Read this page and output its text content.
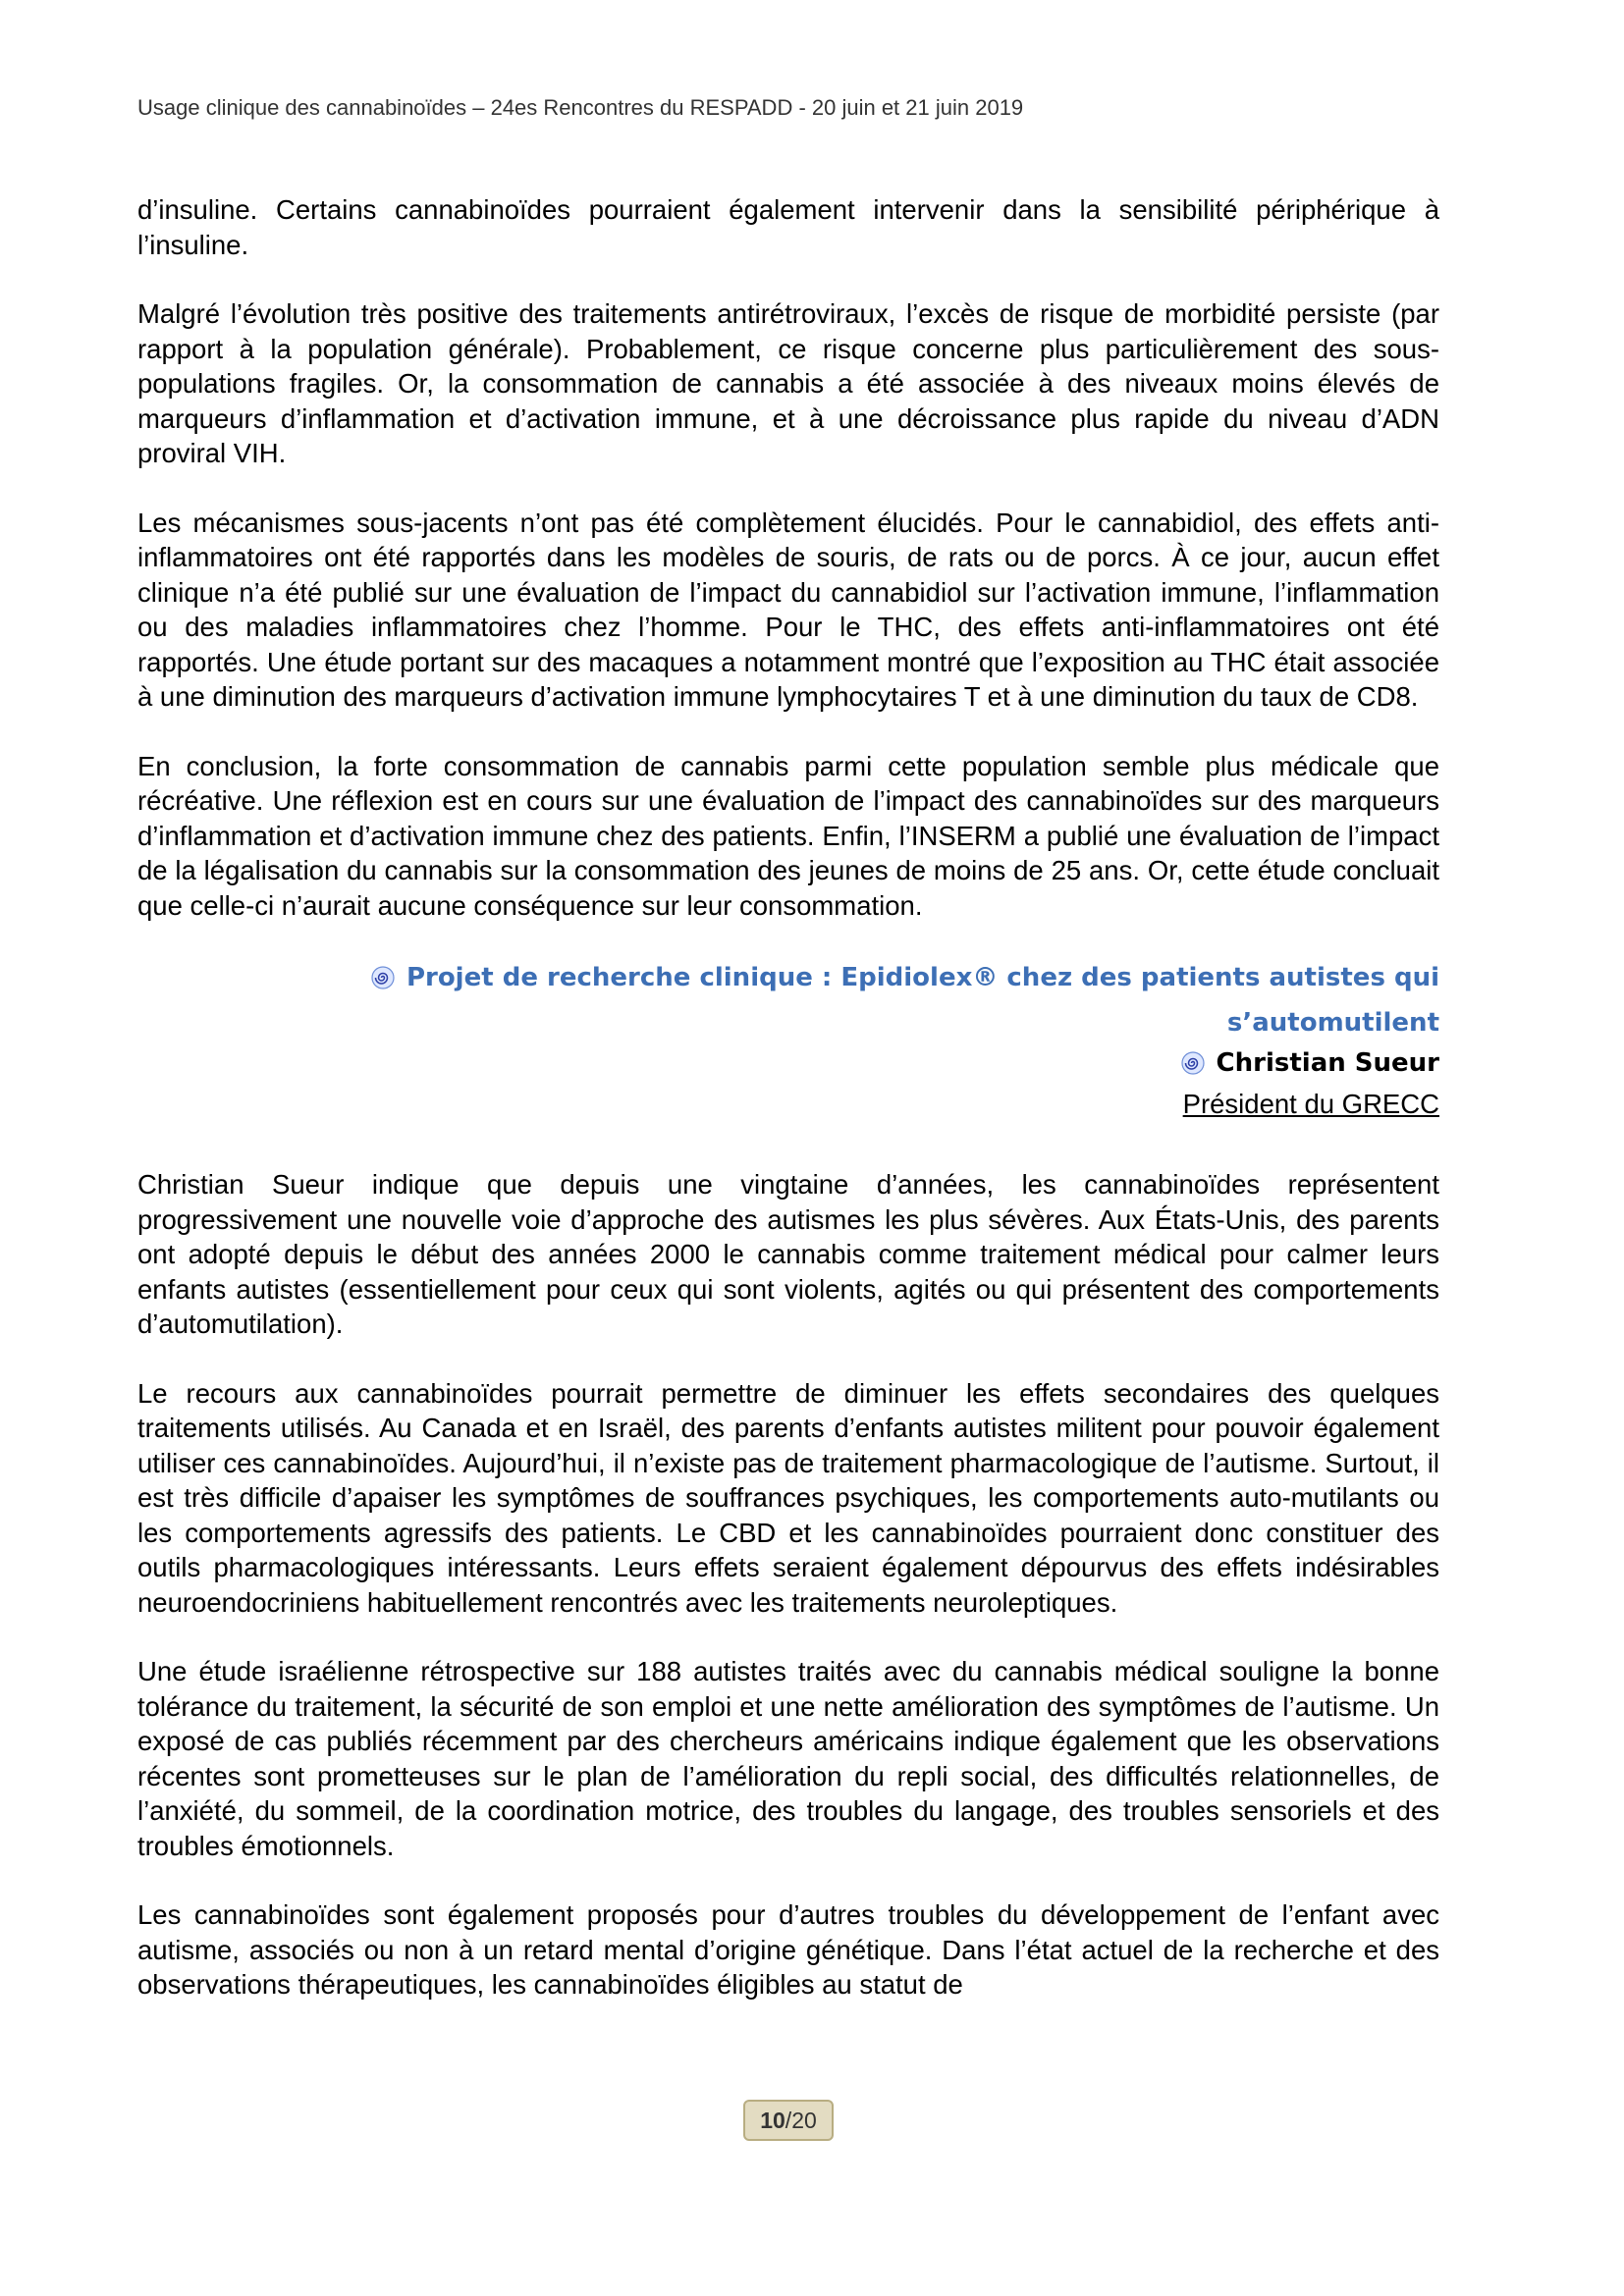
Usage clinique des cannabinoïdes – 24es Rencontres du RESPADD - 20 juin et 21 juin 2019

d’insuline. Certains cannabinoïdes pourraient également intervenir dans la sensibilité périphérique à l’insuline.

Malgré l’évolution très positive des traitements antirétroviraux, l’excès de risque de morbidité persiste (par rapport à la population générale). Probablement, ce risque concerne plus particulièrement des sous-populations fragiles. Or, la consommation de cannabis a été associée à des niveaux moins élevés de marqueurs d’inflammation et d’activation immune, et à une décroissance plus rapide du niveau d’ADN proviral VIH.

Les mécanismes sous-jacents n’ont pas été complètement élucidés. Pour le cannabidiol, des effets anti-inflammatoires ont été rapportés dans les modèles de souris, de rats ou de porcs. À ce jour, aucun effet clinique n’a été publié sur une évaluation de l’impact du cannabidiol sur l’activation immune, l’inflammation ou des maladies inflammatoires chez l’homme. Pour le THC, des effets anti-inflammatoires ont été rapportés. Une étude portant sur des macaques a notamment montré que l’exposition au THC était associée à une diminution des marqueurs d’activation immune lymphocytaires T et à une diminution du taux de CD8.

En conclusion, la forte consommation de cannabis parmi cette population semble plus médicale que récréative. Une réflexion est en cours sur une évaluation de l’impact des cannabinoïdes sur des marqueurs d’inflammation et d’activation immune chez des patients. Enfin, l’INSERM a publié une évaluation de l’impact de la légalisation du cannabis sur la consommation des jeunes de moins de 25 ans. Or, cette étude concluait que celle-ci n’aurait aucune conséquence sur leur consommation.

Projet de recherche clinique : Epidiolex® chez des patients autistes qui
s’automutilent
Christian Sueur
Président du GRECC

Christian Sueur indique que depuis une vingtaine d’années, les cannabinoïdes représentent progressivement une nouvelle voie d’approche des autismes les plus sévères. Aux États-Unis, des parents ont adopté depuis le début des années 2000 le cannabis comme traitement médical pour calmer leurs enfants autistes (essentiellement pour ceux qui sont violents, agités ou qui présentent des comportements d’automutilation).

Le recours aux cannabinoïdes pourrait permettre de diminuer les effets secondaires des quelques traitements utilisés. Au Canada et en Israël, des parents d’enfants autistes militent pour pouvoir également utiliser ces cannabinoïdes. Aujourd’hui, il n’existe pas de traitement pharmacologique de l’autisme. Surtout, il est très difficile d’apaiser les symptômes de souffrances psychiques, les comportements auto-mutilants ou les comportements agressifs des patients. Le CBD et les cannabinoïdes pourraient donc constituer des outils pharmacologiques intéressants. Leurs effets seraient également dépourvus des effets indésirables neuroendocriniens habituellement rencontrés avec les traitements neuroleptiques.

Une étude israélienne rétrospective sur 188 autistes traités avec du cannabis médical souligne la bonne tolérance du traitement, la sécurité de son emploi et une nette amélioration des symptômes de l’autisme. Un exposé de cas publiés récemment par des chercheurs américains indique également que les observations récentes sont prometteuses sur le plan de l’amélioration du repli social, des difficultés relationnelles, de l’anxiété, du sommeil, de la coordination motrice, des troubles du langage, des troubles sensoriels et des troubles émotionnels.

Les cannabinoïdes sont également proposés pour d’autres troubles du développement de l’enfant avec autisme, associés ou non à un retard mental d’origine génétique. Dans l’état actuel de la recherche et des observations thérapeutiques, les cannabinoïdes éligibles au statut de

10/20
